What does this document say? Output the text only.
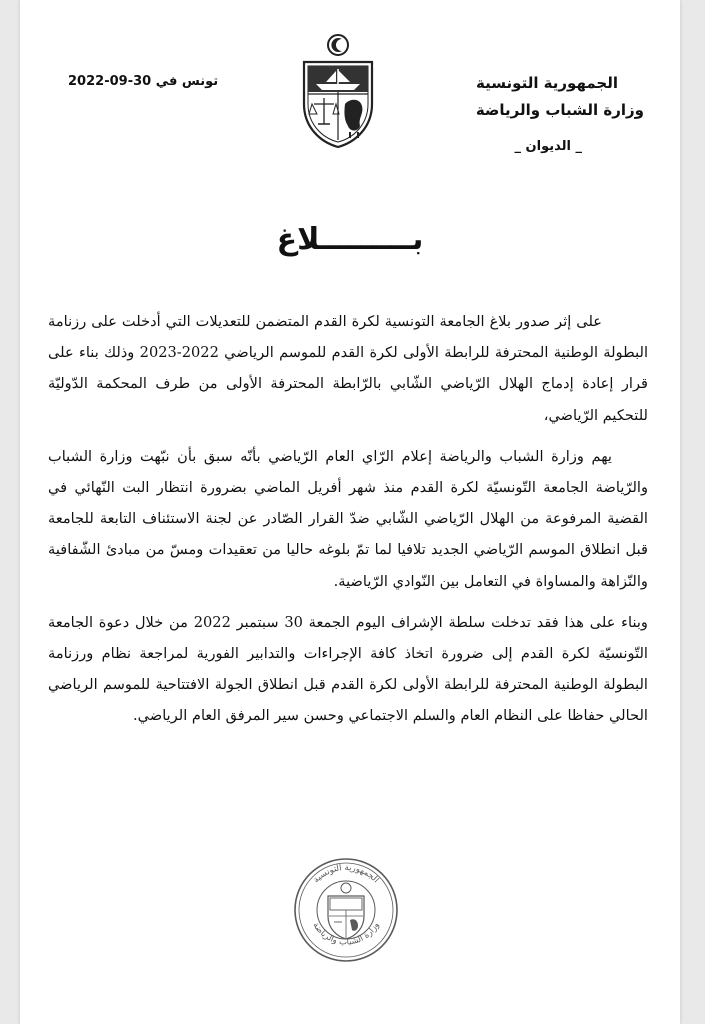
الجمهورية التونسية
وزارة الشباب والرياضة
_ الديوان _
تونس في 30-09-2022
بـــــــــلاغ

على إثر صدور بلاغ الجامعة التونسية لكرة القدم المتضمن للتعديلات التي أدخلت على رزنامة البطولة الوطنية المحترفة للرابطة الأولى لكرة القدم للموسم الرياضي 2022-2023 وذلك بناء على قرار إعادة إدماج الهلال الرّياضي الشّابي بالرّابطة المحترفة الأولى من طرف المحكمة الدّوليّة للتحكيم الرّياضي،

يهم وزارة الشباب والرياضة إعلام الرّاي العام الرّياضي بأنّه سبق بأن نبّهت وزارة الشباب والرّياضة الجامعة التّونسيّة لكرة القدم منذ شهر أفريل الماضي بضرورة انتظار البت النّهائي في القضية المرفوعة من الهلال الرّياضي الشّابي ضدّ القرار الصّادر عن لجنة الاستئناف التابعة للجامعة قبل انطلاق الموسم الرّياضي الجديد تلافيا لما تمّ بلوغه حاليا من تعقيدات ومسّ من مبادئ الشّفافية والنّزاهة والمساواة في التعامل بين النّوادي الرّياضية.

وبناء على هذا فقد تدخلت سلطة الإشراف اليوم الجمعة 30 سبتمبر 2022 من خلال دعوة الجامعة التّونسيّة لكرة القدم إلى ضرورة اتخاذ كافة الإجراءات والتدابير الفورية لمراجعة نظام ورزنامة البطولة الوطنية المحترفة للرابطة الأولى لكرة القدم قبل انطلاق الجولة الافتتاحية للموسم الرياضي الحالي حفاظا على النظام العام والسلم الاجتماعي وحسن سير المرفق العام الرياضي.

الجمهورية التونسية
وزارة الشباب والرياضة
